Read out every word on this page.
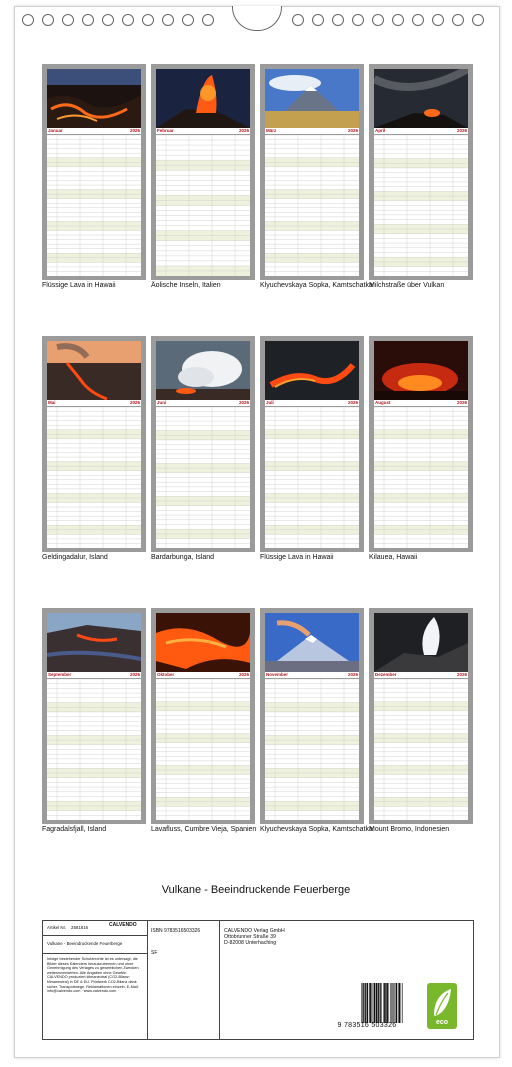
Januar	2026
Flüssige Lava in Hawaii
Februar	2026
Äolische Inseln, Italien
März	2026
Klyuchevskaya Sopka, Kamtschatka
April	2026
Milchstraße über Vulkan
Mai	2026
Geldingadalur, Island
Juni	2026
Bardarbunga, Island
Juli	2026
Flüssige Lava in Hawaii
August	2026
Kilauea, Hawaii
September	2026
Fagradalsfjall, Island
Oktober	2026
Lavafluss, Cumbre Vieja, Spanien
November	2026
Klyuchevskaya Sopka, Kamtschatka
Dezember	2026
Mount Bromo, Indonesien
Vulkane - Beeindruckende Feuerberge
Artikel Nr. 2581816	CALVENDO
Vulkane - Beeindruckende Feuerberge
Infolge bestehender Schutzrechte ist es untersagt, die Bilder dieses Kalenders herauszutrennen und ohne Genehmigung des Verlages zu gewerblichen Zwecken weiterzuverwerten. Alle Angaben ohne Gewähr. CALVENDO produziert klimaneutral (CO2-Bilanz: klimaneutral) in DE & EU. Printwerk CO2-Bilanz dank sicher. Transportwege. Reklamationen einzeln. E-Mail: info@calvendo.com · www.calvendo.com
ISBN 9783516503326
SF
CALVENDO Verlag GmbH
Ottobrunner Straße 39
D-82008 Unterhaching
9 783516 503326	eco
